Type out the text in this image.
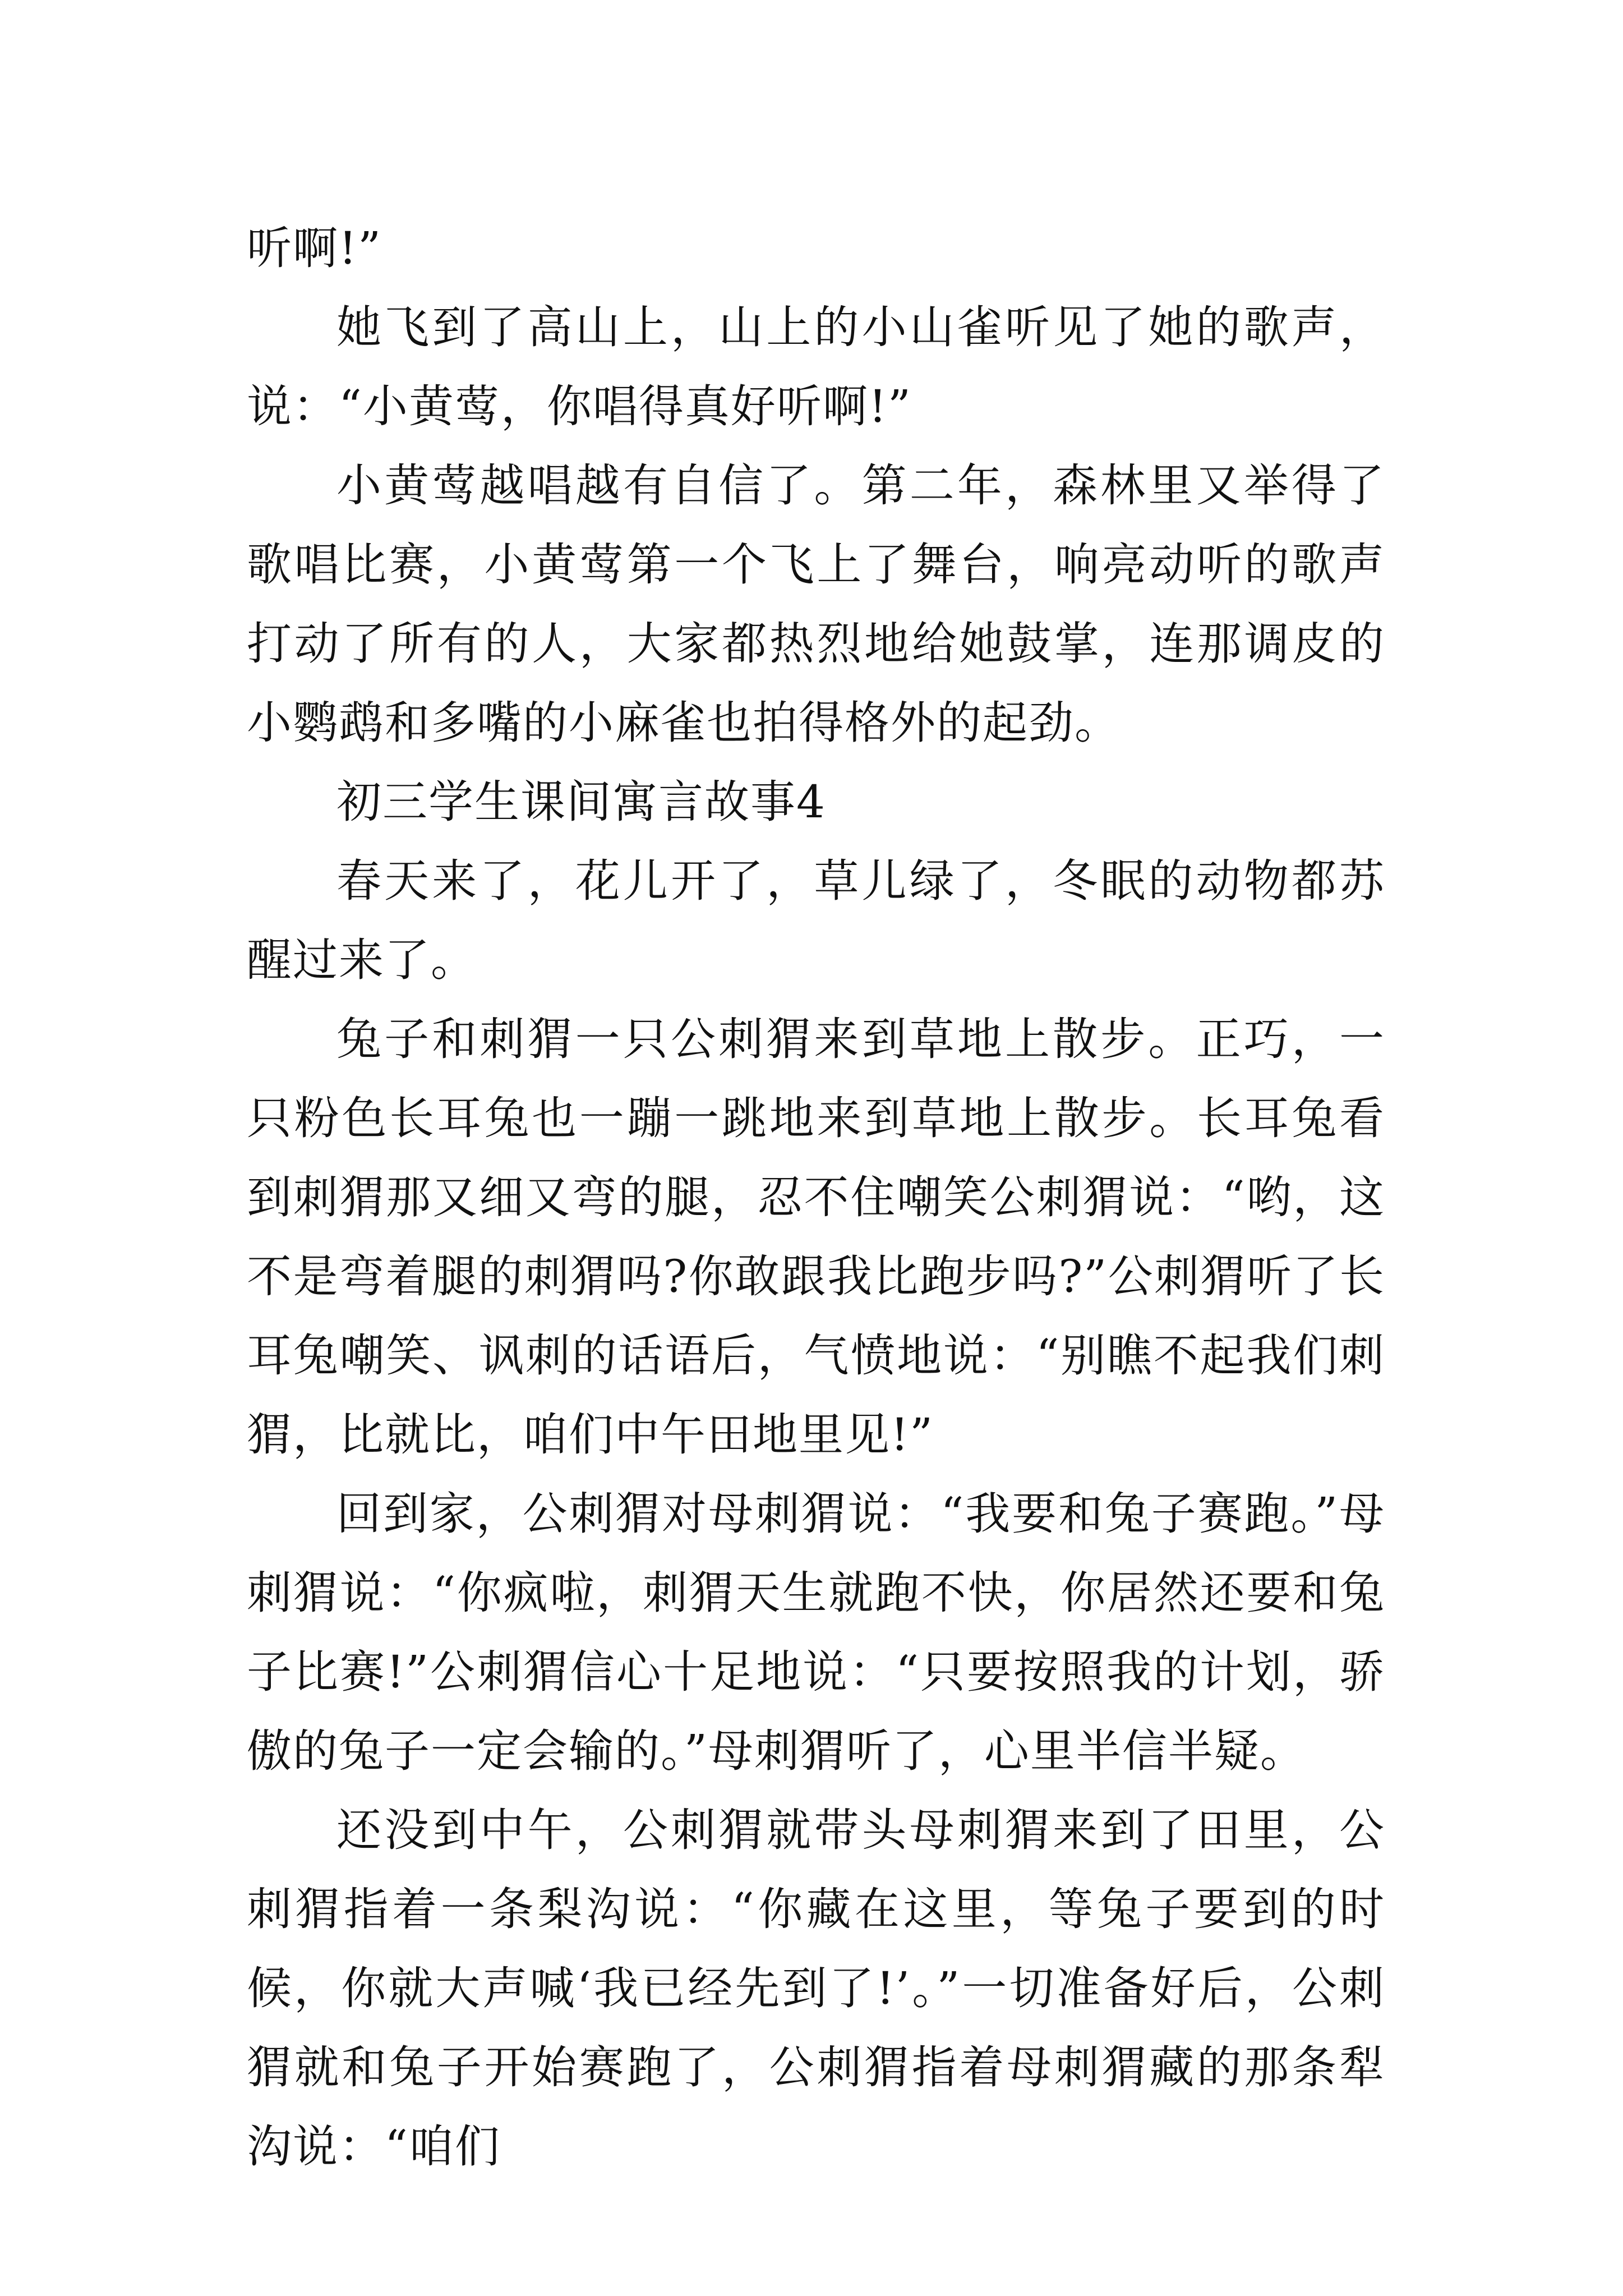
听啊!”

她飞到了高山上，山上的小山雀听见了她的歌声，说：“小黄莺，你唱得真好听啊!”

小黄莺越唱越有自信了。第二年，森林里又举得了歌唱比赛，小黄莺第一个飞上了舞台，响亮动听的歌声打动了所有的人，大家都热烈地给她鼓掌，连那调皮的小鹦鹉和多嘴的小麻雀也拍得格外的起劲。

初三学生课间寓言故事4

春天来了，花儿开了，草儿绿了，冬眠的动物都苏醒过来了。

兔子和刺猬一只公刺猬来到草地上散步。正巧，一只粉色长耳兔也一蹦一跳地来到草地上散步。长耳兔看到刺猬那又细又弯的腿，忍不住嘲笑公刺猬说：“哟，这不是弯着腿的刺猬吗?你敢跟我比跑步吗?”公刺猬听了长耳兔嘲笑、讽刺的话语后，气愤地说：“别瞧不起我们刺猬，比就比，咱们中午田地里见!”

回到家，公刺猬对母刺猬说：“我要和兔子赛跑。”母刺猬说：“你疯啦，刺猬天生就跑不快，你居然还要和兔子比赛!”公刺猬信心十足地说：“只要按照我的计划，骄傲的兔子一定会输的。”母刺猬听了，心里半信半疑。

还没到中午，公刺猬就带头母刺猬来到了田里，公刺猬指着一条梨沟说：“你藏在这里，等兔子要到的时候，你就大声喊‘我已经先到了!’。”一切准备好后，公刺猬就和兔子开始赛跑了，公刺猬指着母刺猬藏的那条犁沟说：“咱们
